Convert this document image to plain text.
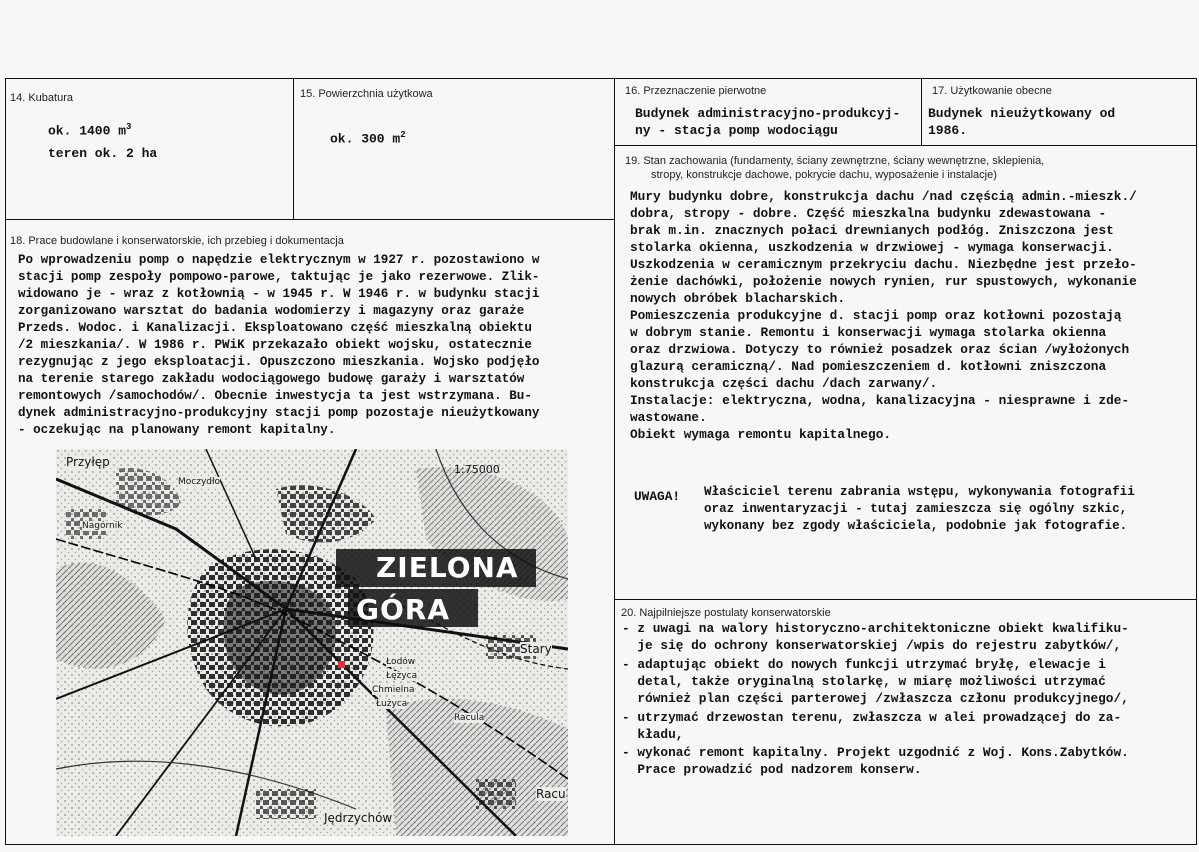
14. Kubatura
ok. 1400 $m^3$
teren ok. 2 ha
15. Powierzchnia użytkowa
ok. 300 $m^2$
16. Przeznaczenie pierwotne
Budynek administracyjno-produkcyj-
ny - stacja pomp wodociągu
17. Użytkowanie obecne
Budynek nieużytkowany od
1986.
18. Prace budowlane i konserwatorskie, ich przebieg i dokumentacja
Po wprowadzeniu pomp o napędzie elektrycznym w 1927 r. pozostawiono w
stacji pomp zespoły pompowo-parowe, taktując je jako rezerwowe. Zlik-
widowano je - wraz z kotłownią - w 1945 r. W 1946 r. w budynku stacji
zorganizowano warsztat do badania wodomierzy i magazyny oraz garaże
Przeds. Wodoc. i Kanalizacji. Eksploatowano część mieszkalną obiektu
/2 mieszkania/. W 1986 r. PWiK przekazało obiekt wojsku, ostatecznie
rezygnując z jego eksploatacji. Opuszczono mieszkania. Wojsko podjęło
na terenie starego zakładu wodociągowego budowę garaży i warsztatów
remontowych /samochodów/. Obecnie inwestycja ta jest wstrzymana. Bu-
dynek administracyjno-produkcyjny stacji pomp pozostaje nieużytkowany
- oczekując na planowany remont kapitalny.
1:75000
ZIELONA
GÓRA
Przyłęp
Moczydło
Nagórnik
Stary
Łężyca
Racula
Racu
Jędrzychów
Chmielna
Łużyca
Łodów
19. Stan zachowania (fundamenty, ściany zewnętrzne, ściany wewnętrzne, sklepienia,
stropy, konstrukcje dachowe, pokrycie dachu, wyposażenie i instalacje)
Mury budynku dobre, konstrukcja dachu /nad częścią admin.-mieszk./
dobra, stropy - dobre. Część mieszkalna budynku zdewastowana -
brak m.in. znacznych połaci drewnianych podłóg. Zniszczona jest
stolarka okienna, uszkodzenia w drzwiowej - wymaga konserwacji.
Uszkodzenia w ceramicznym przekryciu dachu. Niezbędne jest przeło-
żenie dachówki, położenie nowych rynien, rur spustowych, wykonanie
nowych obróbek blacharskich.
Pomieszczenia produkcyjne d. stacji pomp oraz kotłowni pozostają
w dobrym stanie. Remontu i konserwacji wymaga stolarka okienna
oraz drzwiowa. Dotyczy to również posadzek oraz ścian /wyłożonych
glazurą ceramiczną/. Nad pomieszczeniem d. kotłowni zniszczona
konstrukcja części dachu /dach zarwany/.
Instalacje: elektryczna, wodna, kanalizacyjna - niesprawne i zde-
wastowane.
Obiekt wymaga remontu kapitalnego.
UWAGA! Właściciel terenu zabrania wstępu, wykonywania fotografii
oraz inwentaryzacji - tutaj zamieszcza się ogólny szkic,
wykonany bez zgody właściciela, podobnie jak fotografie.
20. Najpilniejsze postulaty konserwatorskie
- z uwagi na walory historyczno-architektoniczne obiekt kwalifiku-
je się do ochrony konserwatorskiej /wpis do rejestru zabytków/,
- adaptując obiekt do nowych funkcji utrzymać bryłę, elewacje i
detal, także oryginalną stolarkę, w miarę możliwości utrzymać
również plan części parterowej /zwłaszcza członu produkcyjnego/,
- utrzymać drzewostan terenu, zwłaszcza w alei prowadzącej do za-
kładu,
- wykonać remont kapitalny. Projekt uzgodnić z Woj. Kons.Zabytków.
Prace prowadzić pod nadzorem konserw.
